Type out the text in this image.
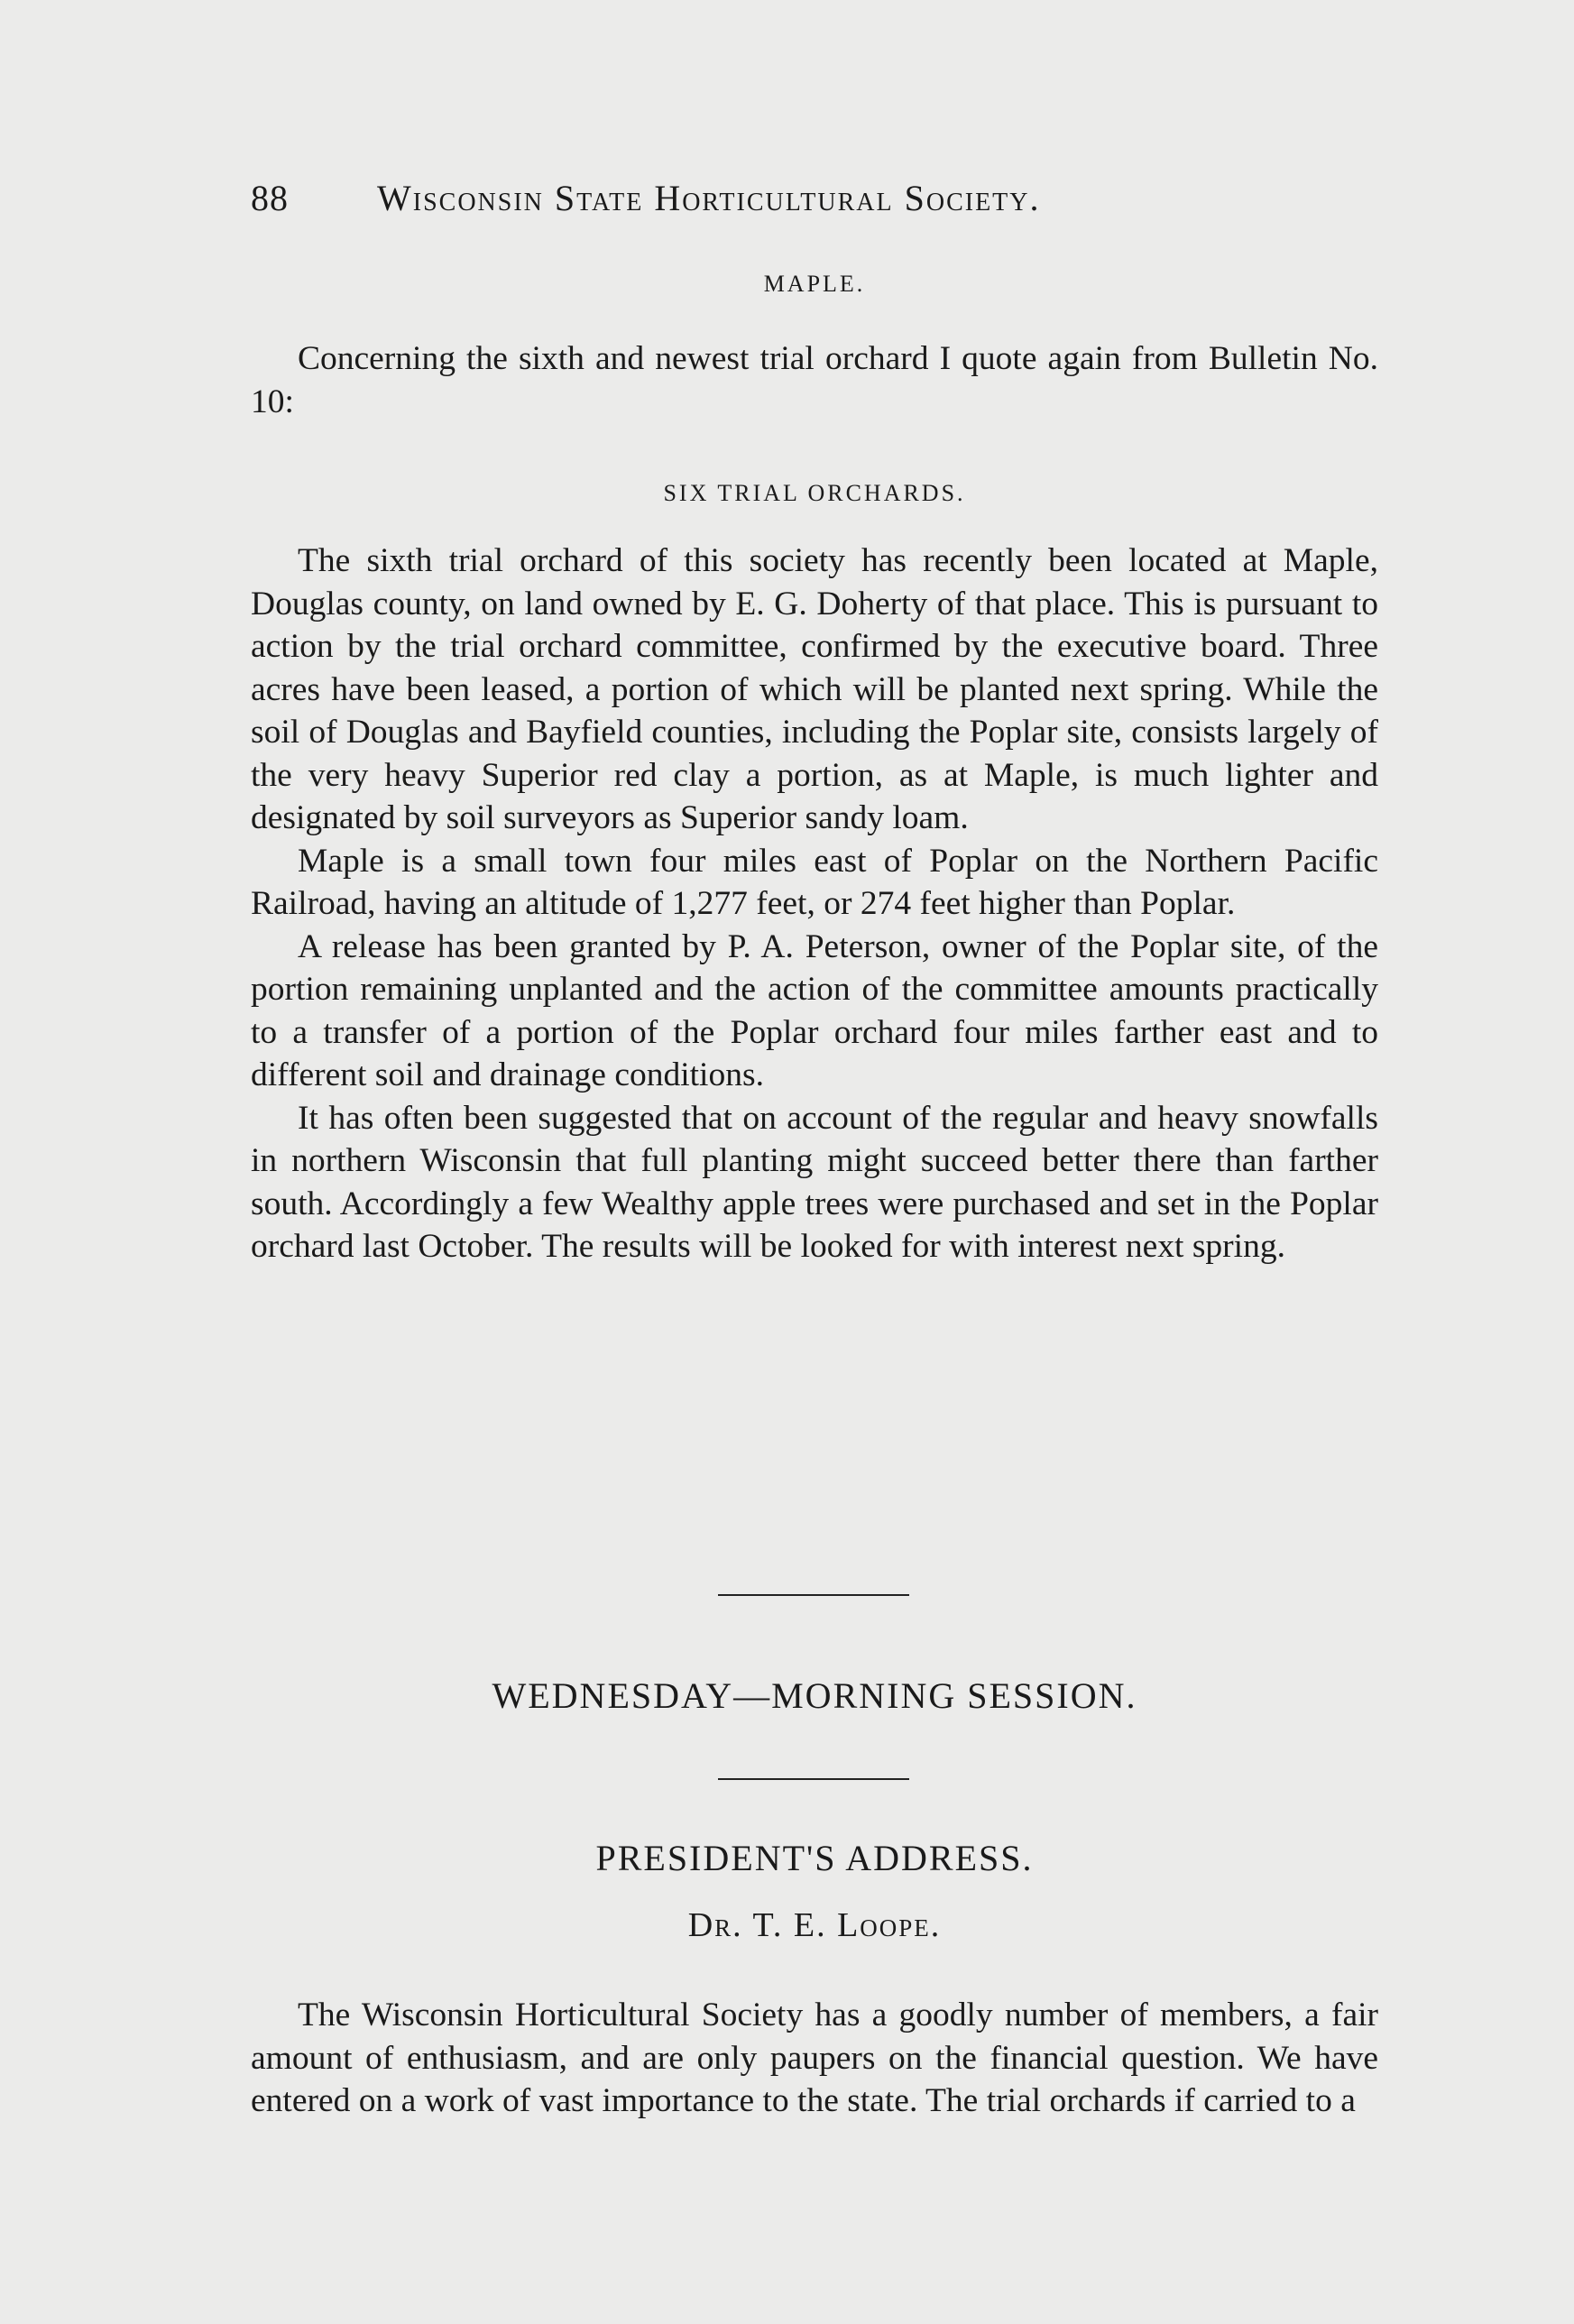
88 Wisconsin State Horticultural Society.
MAPLE.

Concerning the sixth and newest trial orchard I quote again from Bulletin No. 10:

SIX TRIAL ORCHARDS.

The sixth trial orchard of this society has recently been located at Maple, Douglas county, on land owned by E. G. Doherty of that place. This is pursuant to action by the trial orchard committee, confirmed by the executive board. Three acres have been leased, a portion of which will be planted next spring. While the soil of Douglas and Bayfield counties, including the Poplar site, consists largely of the very heavy Superior red clay a portion, as at Maple, is much lighter and designated by soil surveyors as Superior sandy loam.

Maple is a small town four miles east of Poplar on the Northern Pacific Railroad, having an altitude of 1,277 feet, or 274 feet higher than Poplar.

A release has been granted by P. A. Peterson, owner of the Poplar site, of the portion remaining unplanted and the action of the committee amounts practically to a transfer of a portion of the Poplar orchard four miles farther east and to different soil and drainage conditions.

It has often been suggested that on account of the regular and heavy snowfalls in northern Wisconsin that full planting might succeed better there than farther south. Accordingly a few Wealthy apple trees were purchased and set in the Poplar orchard last October. The results will be looked for with interest next spring.

WEDNESDAY—MORNING SESSION.
PRESIDENT'S ADDRESS.
Dr. T. E. Loope.

The Wisconsin Horticultural Society has a goodly number of members, a fair amount of enthusiasm, and are only paupers on the financial question. We have entered on a work of vast importance to the state. The trial orchards if carried to a
